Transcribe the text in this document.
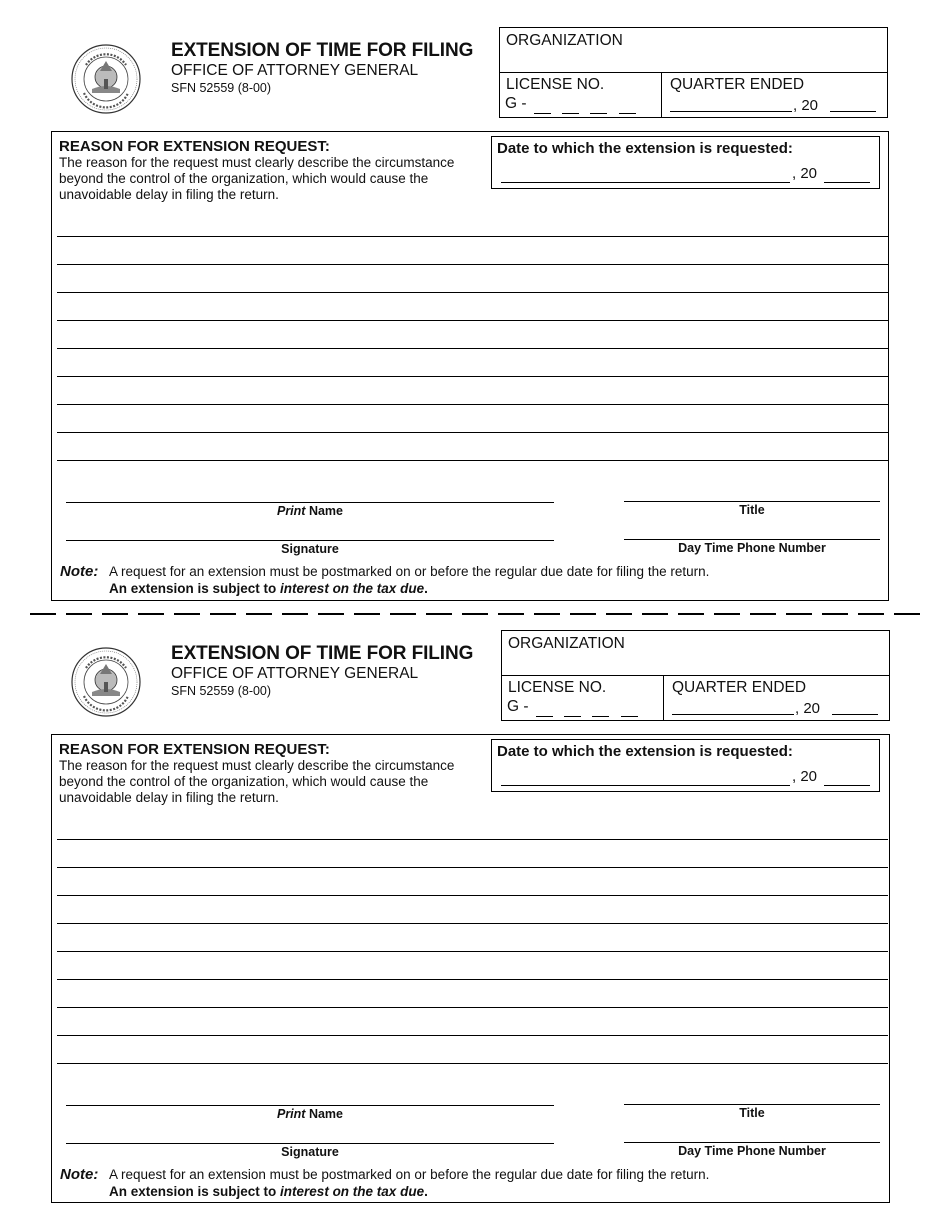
EXTENSION OF TIME FOR FILING
OFFICE OF ATTORNEY GENERAL
SFN 52559 (8-00)
ORGANIZATION
LICENSE NO.
G -
QUARTER ENDED
, 20
REASON FOR EXTENSION REQUEST:
The reason for the request must clearly describe the circumstance beyond the control of the organization, which would cause the unavoidable delay in filing the return.
Date to which the extension is requested:
, 20
Print Name	Title
Signature	Day Time Phone Number
Note: A request for an extension must be postmarked on or before the regular due date for filing the return.
An extension is subject to interest on the tax due.
EXTENSION OF TIME FOR FILING
OFFICE OF ATTORNEY GENERAL
SFN 52559 (8-00)
ORGANIZATION
LICENSE NO.
G -
QUARTER ENDED
, 20
REASON FOR EXTENSION REQUEST:
The reason for the request must clearly describe the circumstance beyond the control of the organization, which would cause the unavoidable delay in filing the return.
Date to which the extension is requested:
, 20
Print Name	Title
Signature	Day Time Phone Number
Note: A request for an extension must be postmarked on or before the regular due date for filing the return.
An extension is subject to interest on the tax due.
